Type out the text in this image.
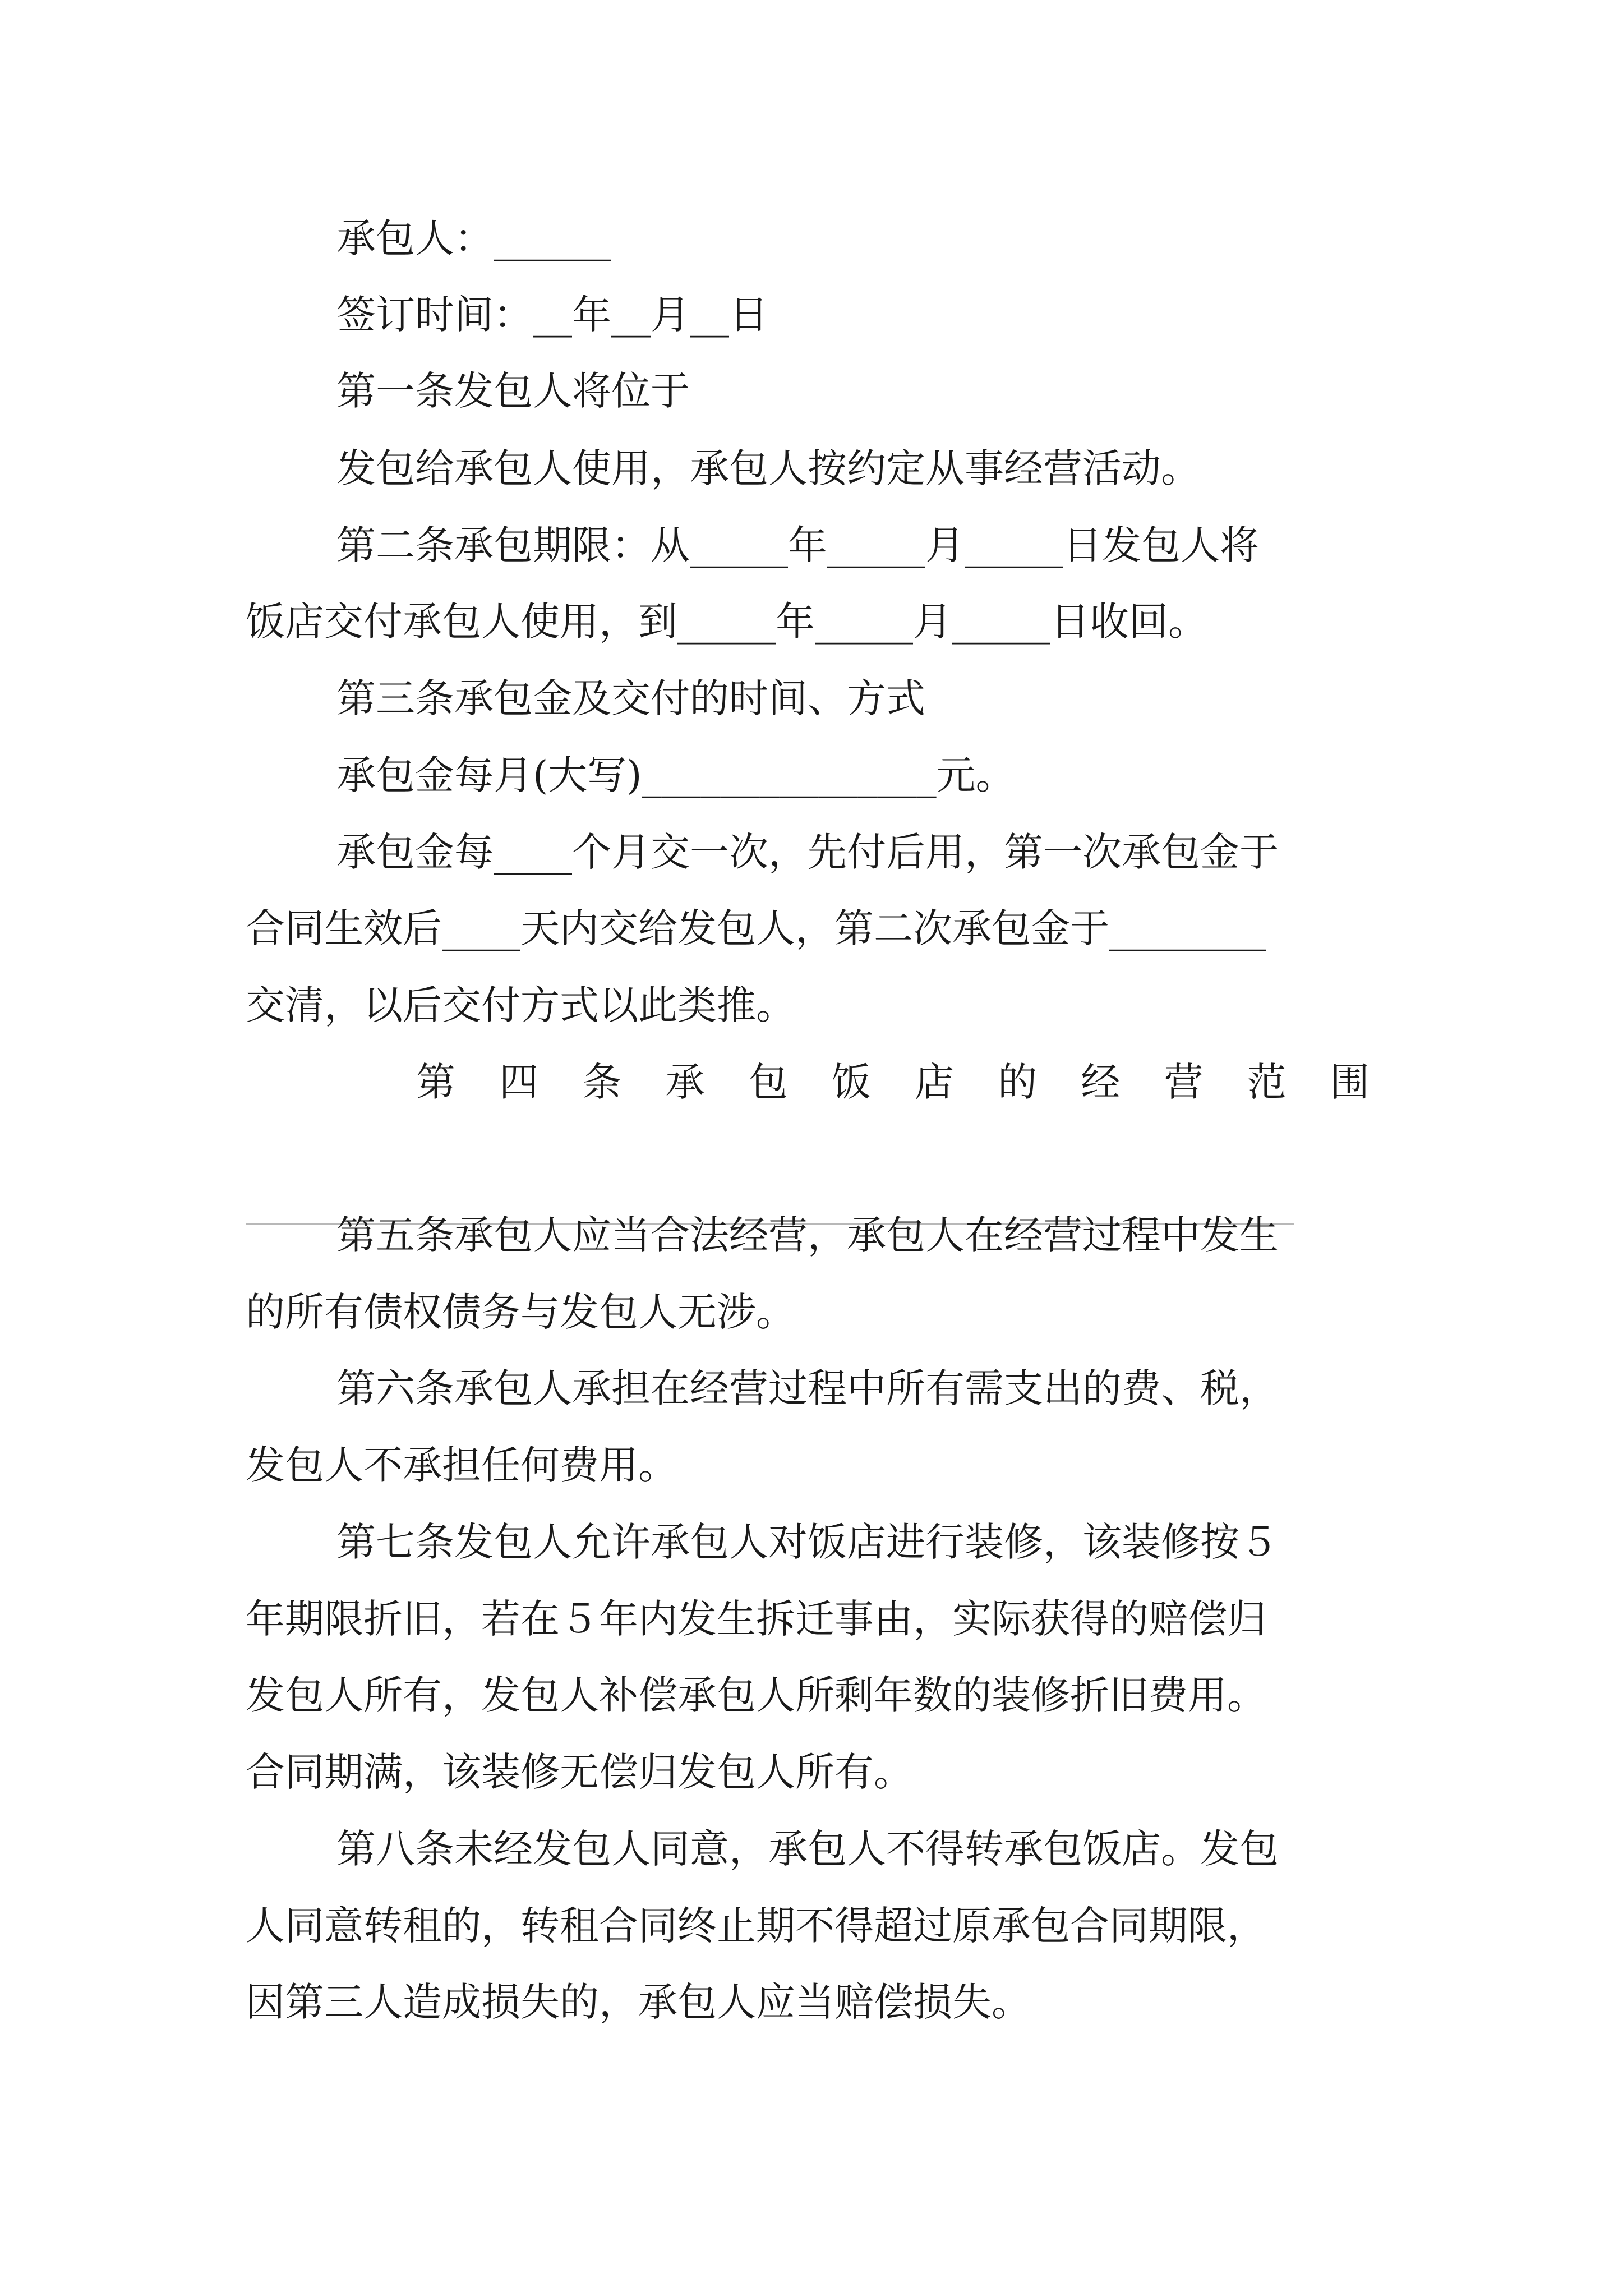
承包人：______
签订时间：__年__月__日
第一条发包人将位于
发包给承包人使用，承包人按约定从事经营活动。
第二条承包期限：从_____年_____月_____日发包人将
饭店交付承包人使用，到_____年_____月_____日收回。
第三条承包金及交付的时间、方式
承包金每月(大写)_______________元。
承包金每____个月交一次，先付后用，第一次承包金于
合同生效后____天内交给发包人，第二次承包金于________
交清，以后交付方式以此类推。
第 四 条 承 包 饭 店 的 经 营 范 围
第五条承包人应当合法经营，承包人在经营过程中发生
的所有债权债务与发包人无涉。
第六条承包人承担在经营过程中所有需支出的费、税，
发包人不承担任何费用。
第七条发包人允许承包人对饭店进行装修，该装修按５
年期限折旧，若在５年内发生拆迁事由，实际获得的赔偿归
发包人所有，发包人补偿承包人所剩年数的装修折旧费用。
合同期满，该装修无偿归发包人所有。
第八条未经发包人同意，承包人不得转承包饭店。发包
人同意转租的，转租合同终止期不得超过原承包合同期限，
因第三人造成损失的，承包人应当赔偿损失。
